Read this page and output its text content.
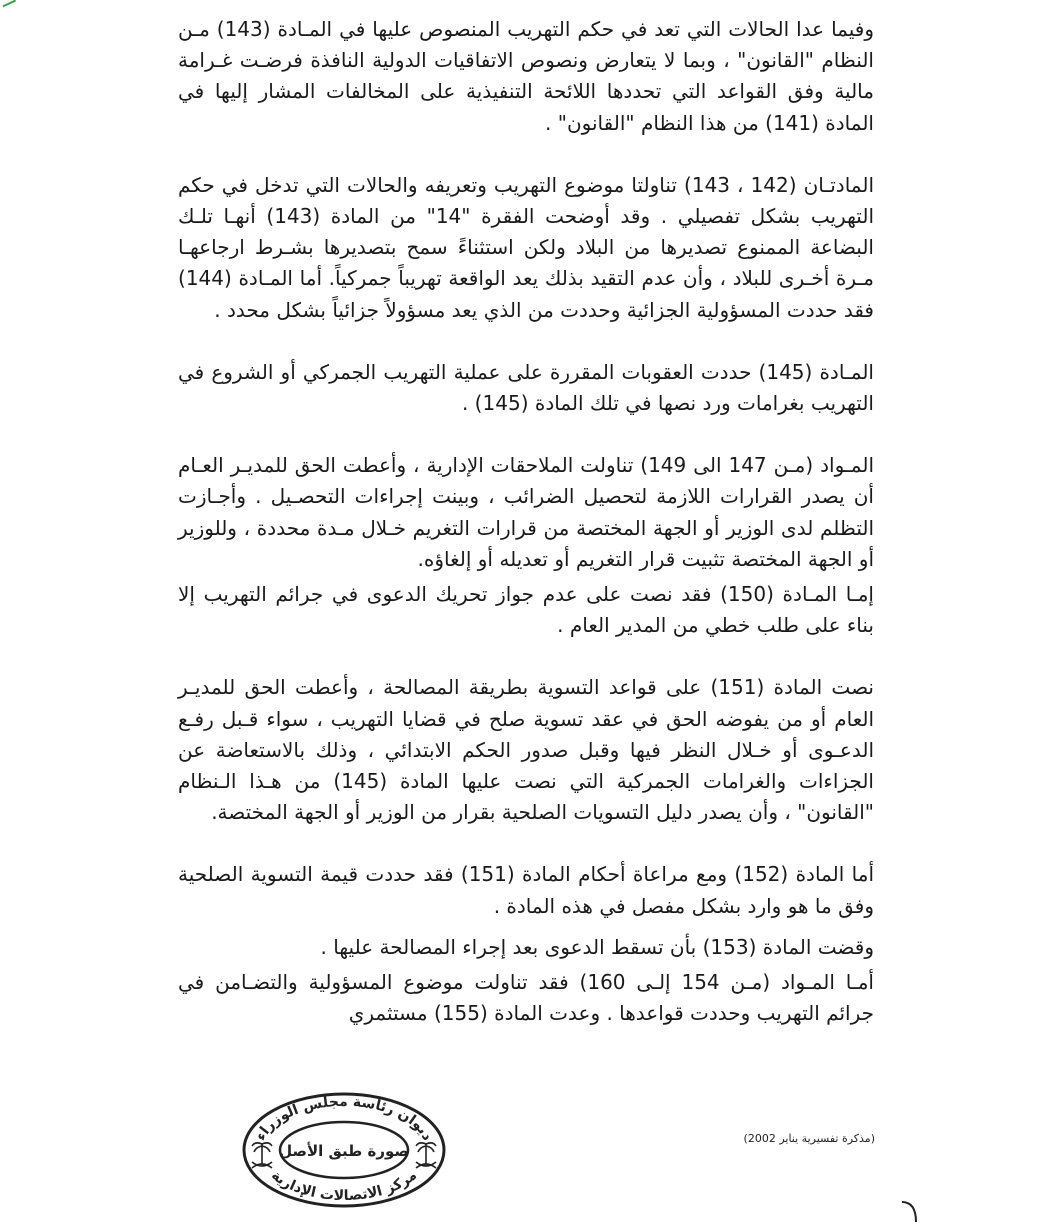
وفيما عدا الحالات التي تعد في حكم التهريب المنصوص عليها في المـادة (143) مـن النظام "القانون" ، وبما لا يتعارض ونصوص الاتفاقيات الدولية النافذة فرضـت غـرامة مالية وفق القواعد التي تحددها اللائحة التنفيذية على المخالفات المشار إليها في المادة (141) من هذا النظام "القانون" .

المادتـان (142 ، 143) تناولتا موضوع التهريب وتعريفه والحالات التي تدخل في حكم التهريب بشكل تفصيلي . وقد أوضحت الفقرة "14" من المادة (143) أنهـا تلـك البضاعة الممنوع تصديرها من البلاد ولكن استثناءً سمح بتصديرها بشـرط ارجاعهـا مـرة أخـرى للبلاد ، وأن عدم التقيد بذلك يعد الواقعة تهريباً جمركياً. أما المـادة (144) فقد حددت المسؤولية الجزائية وحددت من الذي يعد مسؤولاً جزائياً بشكل محدد .

المـادة (145) حددت العقوبات المقررة على عملية التهريب الجمركي أو الشروع في التهريب بغرامات ورد نصها في تلك المادة (145) .

المـواد (مـن 147 الى 149) تناولت الملاحقات الإدارية ، وأعطت الحق للمديـر العـام أن يصدر القرارات اللازمة لتحصيل الضرائب ، وبينت إجراءات التحصـيل . وأجـازت التظلم لدى الوزير أو الجهة المختصة من قرارات التغريم خـلال مـدة محددة ، وللوزير أو الجهة المختصة تثبيت قرار التغريم أو تعديله أو إلغاؤه.

إمـا المـادة (150) فقد نصت على عدم جواز تحريك الدعوى في جرائم التهريب إلا بناء على طلب خطي من المدير العام .

نصت المادة (151) على قواعد التسوية بطريقة المصالحة ، وأعطت الحق للمديـر العام أو من يفوضه الحق في عقد تسوية صلح في قضايا التهريب ، سواء قـبل رفـع الدعـوى أو خـلال النظر فيها وقبل صدور الحكم الابتدائي ، وذلك بالاستعاضة عن الجزاءات والغرامات الجمركية التي نصت عليها المادة (145) من هـذا الـنظام "القانون" ، وأن يصدر دليل التسويات الصلحية بقرار من الوزير أو الجهة المختصة.

أما المادة (152) ومع مراعاة أحكام المادة (151) فقد حددت قيمة التسوية الصلحية وفق ما هو وارد بشكل مفصل في هذه المادة .

وقضت المادة (153) بأن تسقط الدعوى بعد إجراء المصالحة عليها .

أمـا المـواد (مـن 154 إلـى 160) فقد تناولت موضوع المسؤولية والتضـامن في جرائم التهريب وحددت قواعدها . وعدت المادة (155) مستثمري

ديوان رئاسة مجلس الوزراء
مركز الاتصالات الإدارية
صورة طبق الأصل
(مذكرة تفسيرية يناير 2002)
